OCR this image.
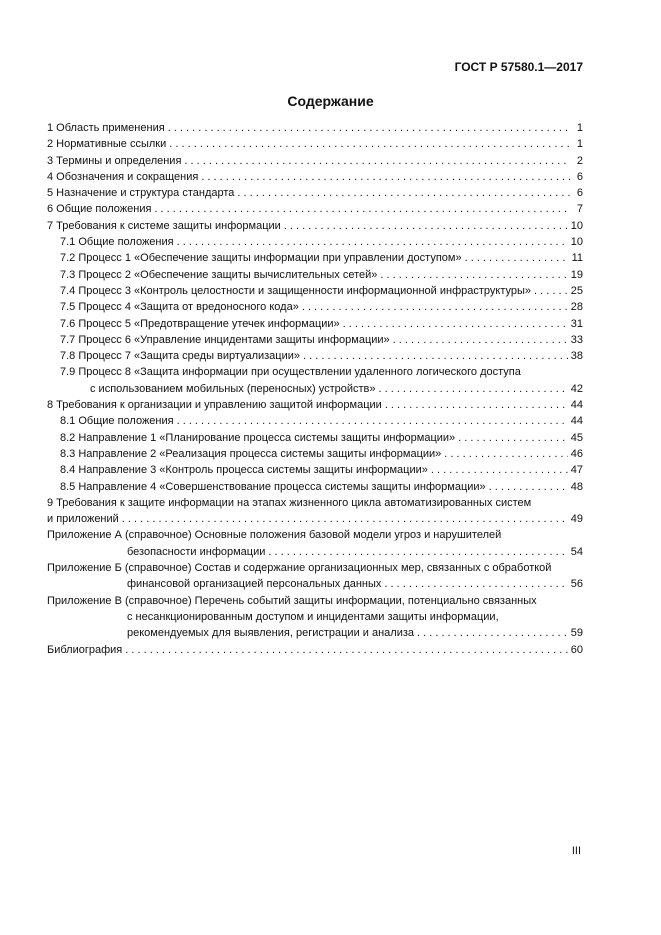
ГОСТ Р 57580.1—2017
Содержание
1 Область применения . . .	1
2 Нормативные ссылки . . .	1
3 Термины и определения . . .	2
4 Обозначения и сокращения . . .	6
5 Назначение и структура стандарта . . .	6
6 Общие положения . . .	7
7 Требования к системе защиты информации . . .	10
7.1 Общие положения . . .	10
7.2 Процесс 1 «Обеспечение защиты информации при управлении доступом» . . .	11
7.3 Процесс 2 «Обеспечение защиты вычислительных сетей» . . .	19
7.4 Процесс 3 «Контроль целостности и защищенности информационной инфраструктуры» . . .	25
7.5 Процесс 4 «Защита от вредоносного кода» . . .	28
7.6 Процесс 5 «Предотвращение утечек информации» . . .	31
7.7 Процесс 6 «Управление инцидентами защиты информации» . . .	33
7.8 Процесс 7 «Защита среды виртуализации» . . .	38
7.9 Процесс 8 «Защита информации при осуществлении удаленного логического доступа
с использованием мобильных (переносных) устройств» . . .	42
8 Требования к организации и управлению защитой информации . . .	44
8.1 Общие положения . . .	44
8.2 Направление 1 «Планирование процесса системы защиты информации» . . .	45
8.3 Направление 2 «Реализация процесса системы защиты информации» . . .	46
8.4 Направление 3 «Контроль процесса системы защиты информации» . . .	47
8.5 Направление 4 «Совершенствование процесса системы защиты информации» . . .	48
9 Требования к защите информации на этапах жизненного цикла автоматизированных систем
и приложений . . .	49
Приложение А (справочное) Основные положения базовой модели угроз и нарушителей
безопасности информации . . .	54
Приложение Б (справочное) Состав и содержание организационных мер, связанных с обработкой
финансовой организацией персональных данных . . .	56
Приложение В (справочное) Перечень событий защиты информации, потенциально связанных
с несанкционированным доступом и инцидентами защиты информации,
рекомендуемых для выявления, регистрации и анализа . . .	59
Библиография . . .	60
III
